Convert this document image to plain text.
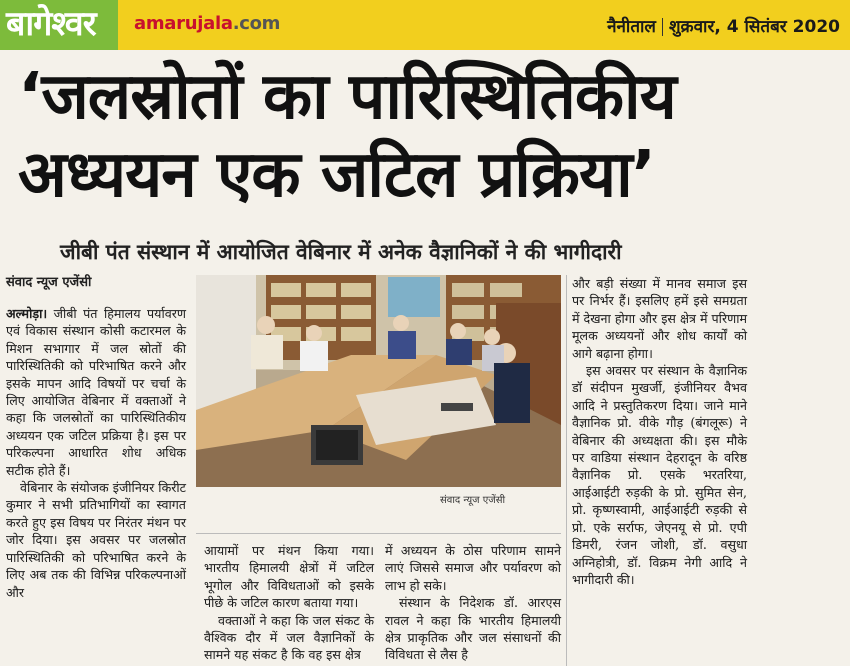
बागेश्वर amarujala.com	नैनीताल शुक्रवार, 4 सितंबर 2020
‘जलस्रोतों का पारिस्थितिकीय अध्ययन एक जटिल प्रक्रिया’
जीबी पंत संस्थान में आयोजित वेबिनार में अनेक वैज्ञानिकों ने की भागीदारी
संवाद न्यूज एजेंसी

अल्मोड़ा। जीबी पंत हिमालय पर्यावरण एवं विकास संस्थान कोसी कटारमल के मिशन सभागार में जल स्रोतों की पारिस्थितिकी को परिभाषित करने और इसके मापन आदि विषयों पर चर्चा के लिए आयोजित वेबिनार में वक्ताओं ने कहा कि जलस्रोतों का पारिस्थितिकीय अध्ययन एक जटिल प्रक्रिया है। इस पर परिकल्पना आधारित शोध अधिक सटीक होते हैं।

वेबिनार के संयोजक इंजीनियर किरीट कुमार ने सभी प्रतिभागियों का स्वागत करते हुए इस विषय पर निरंतर मंथन पर जोर दिया। इस अवसर पर जलस्रोत पारिस्थितिकी को परिभाषित करने के लिए अब तक की विभिन्न परिकल्पनाओं और

संवाद न्यूज एजेंसी

आयामों पर मंथन किया गया। भारतीय हिमालयी क्षेत्रों में जटिल भूगोल और विविधताओं को इसके पीछे के जटिल कारण बताया गया।

वक्ताओं ने कहा कि जल संकट के वैश्विक दौर में जल वैज्ञानिकों के सामने यह संकट है कि वह इस क्षेत्र

में अध्ययन के ठोस परिणाम सामने लाएं जिससे समाज और पर्यावरण को लाभ हो सके।

संस्थान के निदेशक डॉ. आरएस रावल ने कहा कि भारतीय हिमालयी क्षेत्र प्राकृतिक और जल संसाधनों की विविधता से लैस है

और बड़ी संख्या में मानव समाज इस पर निर्भर हैं। इसलिए हमें इसे समग्रता में देखना होगा और इस क्षेत्र में परिणाम मूलक अध्ययनों और शोध कार्यों को आगे बढ़ाना होगा।

इस अवसर पर संस्थान के वैज्ञानिक डॉ संदीपन मुखर्जी, इंजीनियर वैभव आदि ने प्रस्तुतिकरण दिया। जाने माने वैज्ञानिक प्रो. वीके गौड़ (बंगलूरू) ने वेबिनार की अध्यक्षता की। इस मौके पर वाडिया संस्थान देहरादून के वरिष्ठ वैज्ञानिक प्रो. एसके भरतरिया, आईआईटी रुड़की के प्रो. सुमित सेन, प्रो. कृष्णस्वामी, आईआईटी रुड़की से प्रो. एके सर्राफ, जेएनयू से प्रो. एपी डिमरी, रंजन जोशी, डॉ. वसुधा अग्निहोत्री, डॉ. विक्रम नेगी आदि ने भागीदारी की।
